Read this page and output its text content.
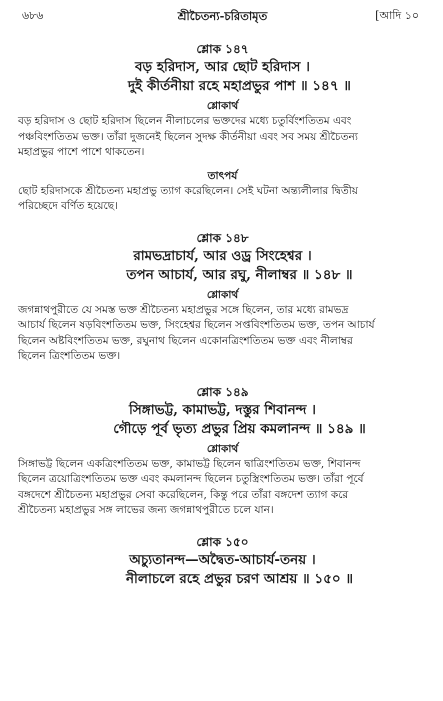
৬৮৬	শ্রীচৈতন্য-চরিতামৃত	[আদি ১০
শ্লোক ১৪৭
বড় হরিদাস, আর ছোট হরিদাস ।
দুই কীর্তনীয়া রহে মহাপ্রভুর পাশ ॥ ১৪৭ ॥
শ্লোকার্থ

বড় হরিদাস ও ছোট হরিদাস ছিলেন নীলাচলের ভক্তদের মধ্যে চতুর্বিংশতিতম এবং
পঞ্চবিংশতিতম ভক্ত। তাঁরা দুজনেই ছিলেন সুদক্ষ কীর্তনীয়া এবং সব সময় শ্রীচৈতন্য
মহাপ্রভুর পাশে পাশে থাকতেন।

তাৎপর্য

ছোট হরিদাসকে শ্রীচৈতন্য মহাপ্রভু ত্যাগ করেছিলেন। সেই ঘটনা অন্ত্যলীলার দ্বিতীয়
পরিচ্ছেদে বর্ণিত হয়েছে।

শ্লোক ১৪৮
রামভদ্রাচার্য, আর ওড্র সিংহেশ্বর ।
তপন আচার্য, আর রঘু, নীলাম্বর ॥ ১৪৮ ॥
শ্লোকার্থ

জগন্নাথপুরীতে যে সমস্ত ভক্ত শ্রীচৈতন্য মহাপ্রভুর সঙ্গে ছিলেন, তার মধ্যে রামভদ্র
আচার্য ছিলেন ষড়বিংশতিতম ভক্ত, সিংহেশ্বর ছিলেন সপ্তবিংশতিতম ভক্ত, তপন আচার্য
ছিলেন অষ্টবিংশতিতম ভক্ত, রঘুনাথ ছিলেন একোনত্রিংশতিতম ভক্ত এবং নীলাম্বর
ছিলেন ত্রিংশতিতম ভক্ত।

শ্লোক ১৪৯
সিঙ্গাভট্ট, কামাভট্ট, দস্তুর শিবানন্দ ।
গৌড়ে পূর্ব ভৃত্য প্রভুর প্রিয় কমলানন্দ ॥ ১৪৯ ॥
শ্লোকার্থ

সিঙ্গাভট্ট ছিলেন একত্রিংশতিতম ভক্ত, কামাভট্ট ছিলেন দ্বাত্রিংশতিতম ভক্ত, শিবানন্দ
ছিলেন ত্রয়োত্রিংশতিতম ভক্ত এবং কমলানন্দ ছিলেন চতুস্ত্রিংশতিতম ভক্ত। তাঁরা পূর্বে
বঙ্গদেশে শ্রীচৈতন্য মহাপ্রভুর সেবা করেছিলেন, কিন্তু পরে তাঁরা বঙ্গদেশ ত্যাগ করে
শ্রীচৈতন্য মহাপ্রভুর সঙ্গ লাভের জন্য জগন্নাথপুরীতে চলে যান।

শ্লোক ১৫০
অচ্যুতানন্দ—অদ্বৈত-আচার্য-তনয় ।
নীলাচলে রহে প্রভুর চরণ আশ্রয় ॥ ১৫০ ॥
